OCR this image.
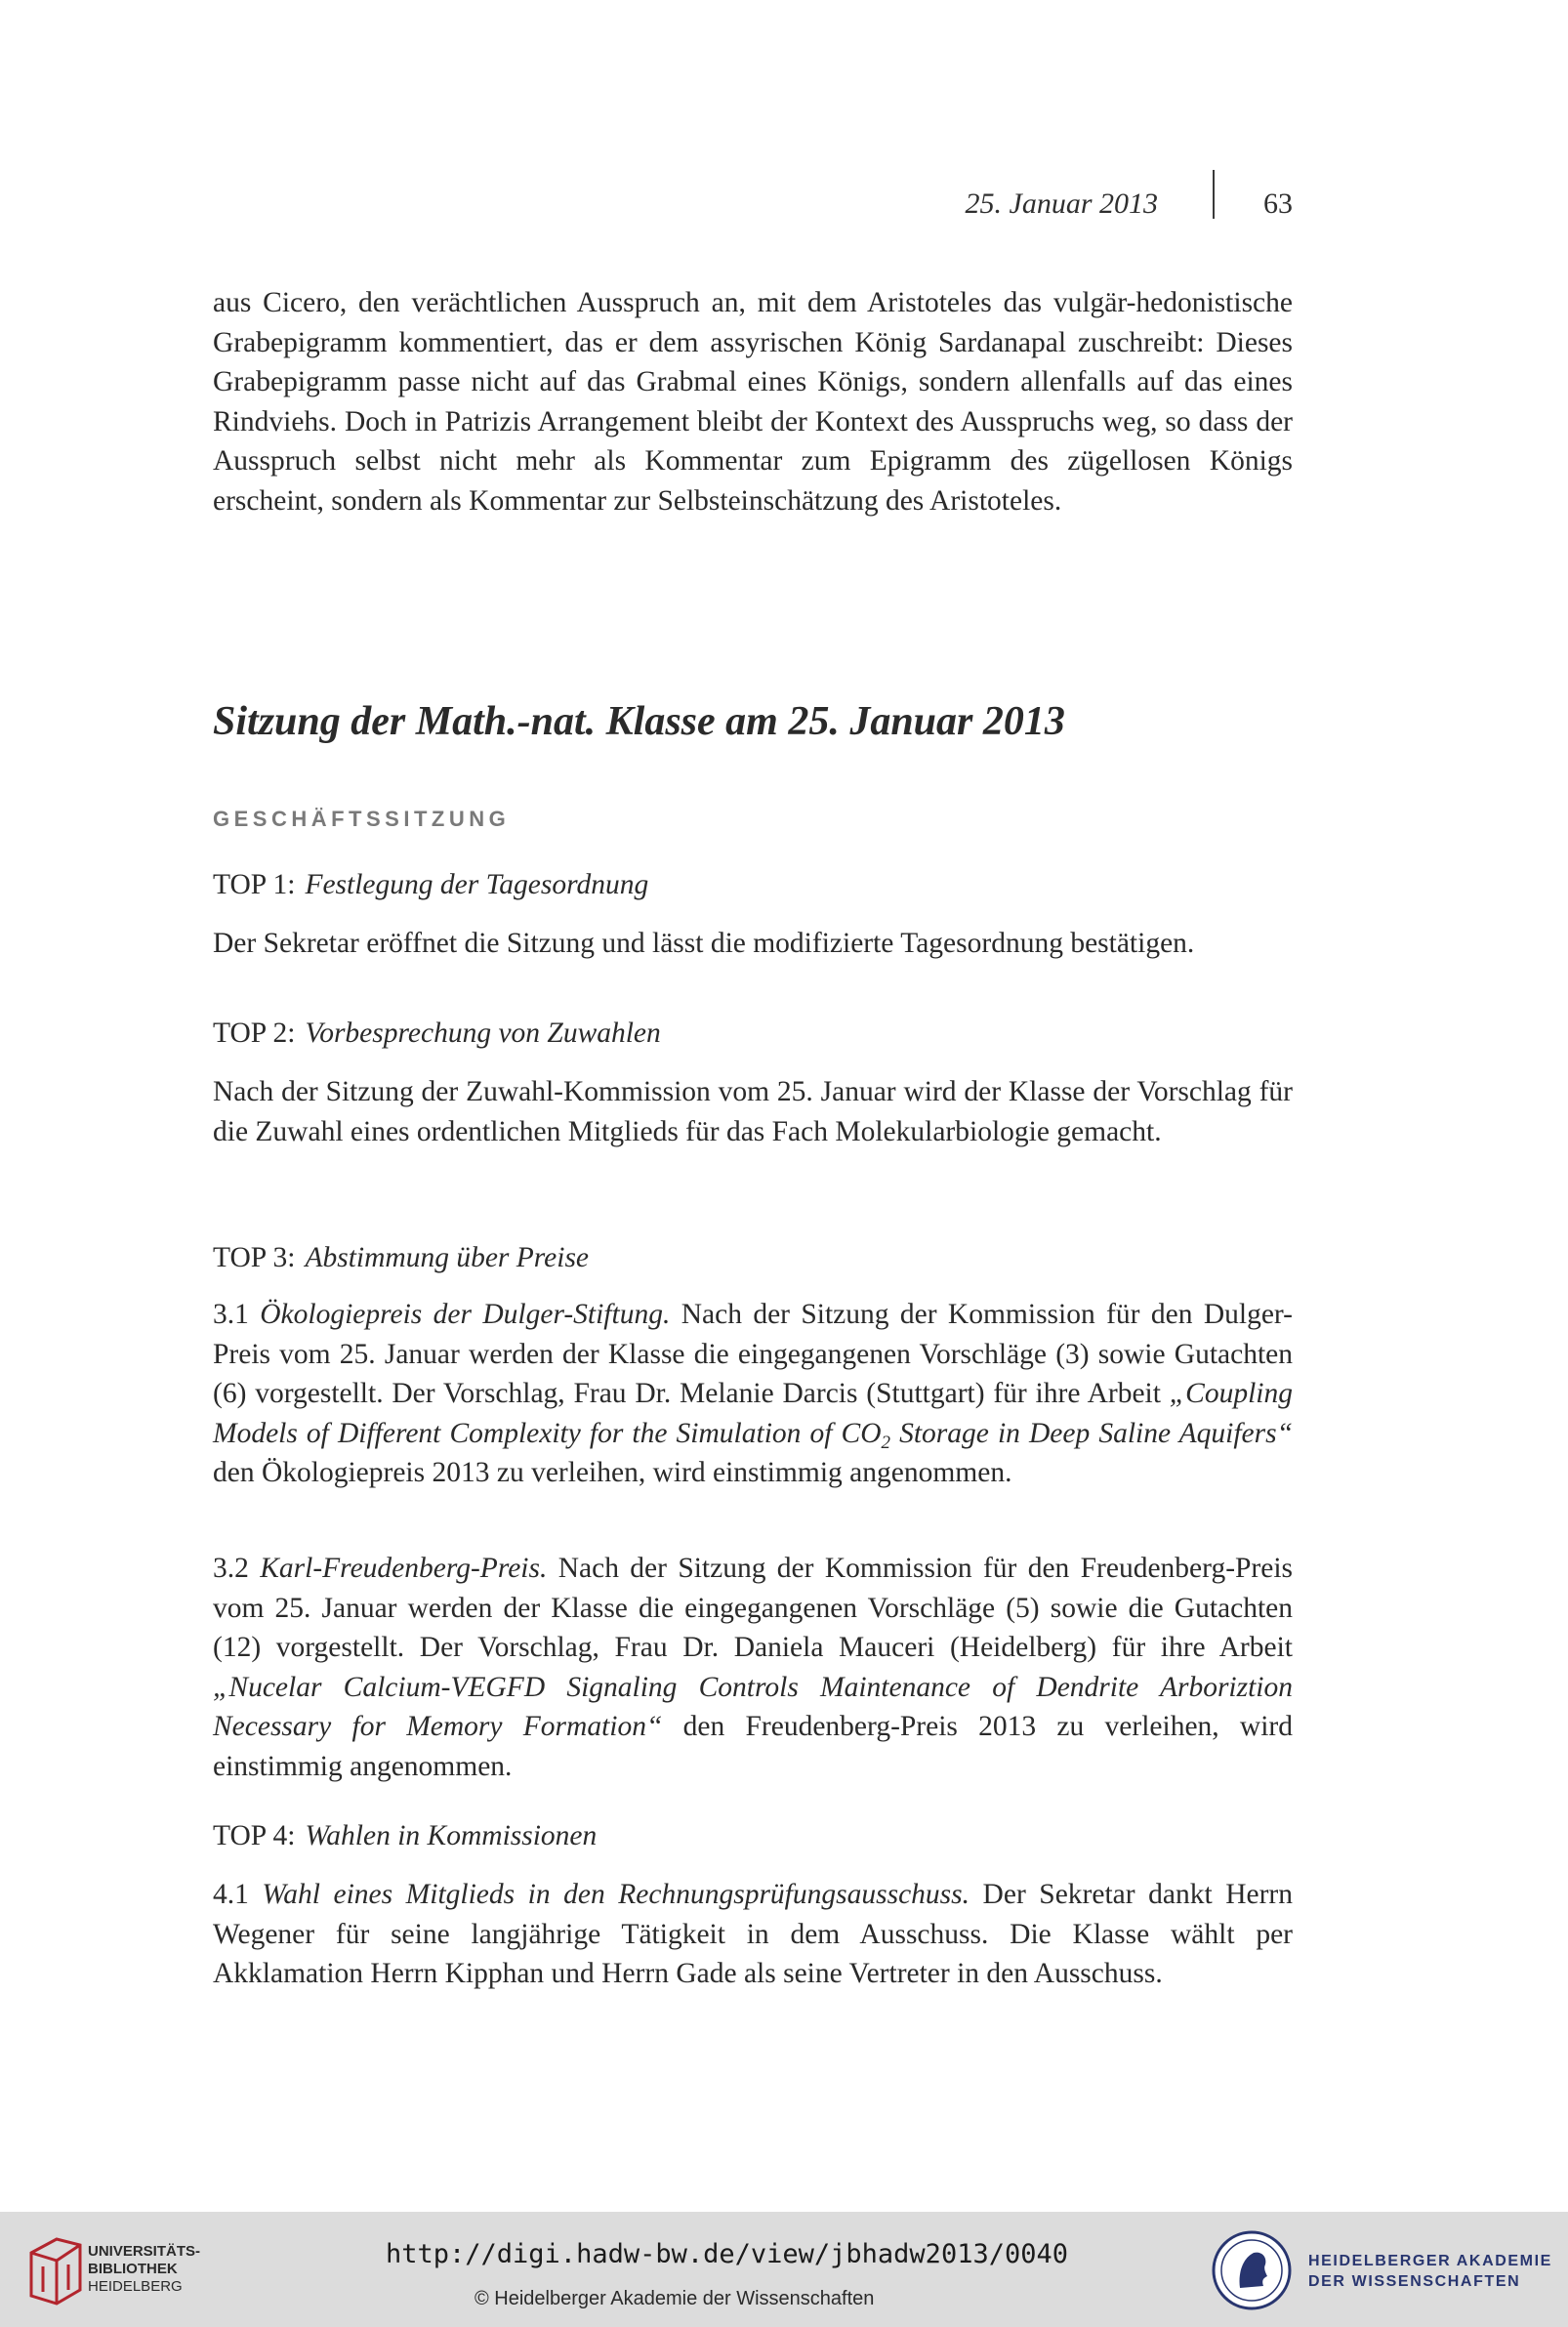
25. Januar 2013	63

aus Cicero, den verächtlichen Ausspruch an, mit dem Aristoteles das vulgär-hedonistische Grabepigramm kommentiert, das er dem assyrischen König Sardanapal zuschreibt: Dieses Grabepigramm passe nicht auf das Grabmal eines Königs, sondern allenfalls auf das eines Rindviehs. Doch in Patrizis Arrangement bleibt der Kontext des Ausspruchs weg, so dass der Ausspruch selbst nicht mehr als Kommentar zum Epigramm des zügellosen Königs erscheint, sondern als Kommentar zur Selbsteinschätzung des Aristoteles.

Sitzung der Math.-nat. Klasse am 25. Januar 2013
GESCHÄFTSSITZUNG
TOP 1: Festlegung der Tagesordnung

Der Sekretar eröffnet die Sitzung und lässt die modifizierte Tagesordnung bestätigen.

TOP 2: Vorbesprechung von Zuwahlen

Nach der Sitzung der Zuwahl-Kommission vom 25. Januar wird der Klasse der Vorschlag für die Zuwahl eines ordentlichen Mitglieds für das Fach Molekularbiologie gemacht.

TOP 3: Abstimmung über Preise

3.1 Ökologiepreis der Dulger-Stiftung. Nach der Sitzung der Kommission für den Dulger-Preis vom 25. Januar werden der Klasse die eingegangenen Vorschläge (3) sowie Gutachten (6) vorgestellt. Der Vorschlag, Frau Dr. Melanie Darcis (Stuttgart) für ihre Arbeit „Coupling Models of Different Complexity for the Simulation of $CO_2$ Storage in Deep Saline Aquifers“ den Ökologiepreis 2013 zu verleihen, wird einstimmig angenommen.

3.2 Karl-Freudenberg-Preis. Nach der Sitzung der Kommission für den Freudenberg-Preis vom 25. Januar werden der Klasse die eingegangenen Vorschläge (5) sowie die Gutachten (12) vorgestellt. Der Vorschlag, Frau Dr. Daniela Mauceri (Heidelberg) für ihre Arbeit „Nucelar Calcium-VEGFD Signaling Controls Maintenance of Dendrite Arboriztion Necessary for Memory Formation“ den Freudenberg-Preis 2013 zu verleihen, wird einstimmig angenommen.

TOP 4: Wahlen in Kommissionen

4.1 Wahl eines Mitglieds in den Rechnungsprüfungsausschuss. Der Sekretar dankt Herrn Wegener für seine langjährige Tätigkeit in dem Ausschuss. Die Klasse wählt per Akklamation Herrn Kipphan und Herrn Gade als seine Vertreter in den Ausschuss.

UNIVERSITÄTS-
BIBLIOTHEK
HEIDELBERG
http://digi.hadw-bw.de/view/jbhadw2013/0040
© Heidelberger Akademie der Wissenschaften
HEIDELBERGER AKADEMIE
DER WISSENSCHAFTEN
